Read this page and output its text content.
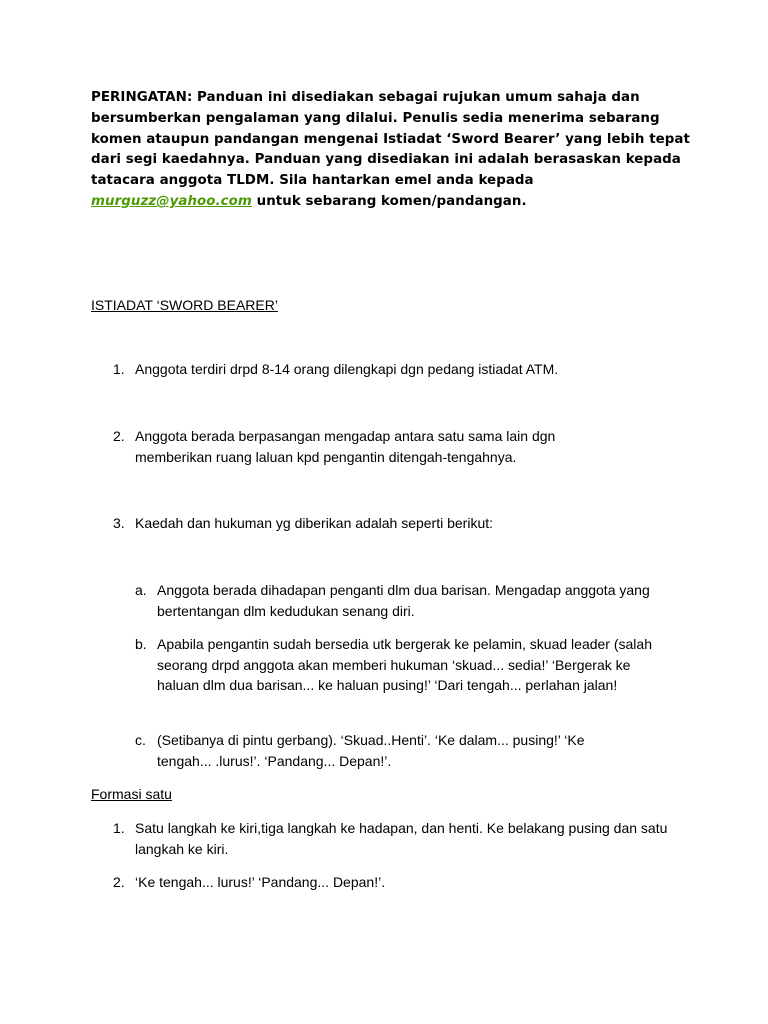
PERINGATAN: Panduan ini disediakan sebagai rujukan umum sahaja dan bersumberkan pengalaman yang dilalui. Penulis sedia menerima sebarang komen ataupun pandangan mengenai Istiadat ‘Sword Bearer’ yang lebih tepat dari segi kaedahnya. Panduan yang disediakan ini adalah berasaskan kepada tatacara anggota TLDM. Sila hantarkan emel anda kepada murguzz@yahoo.com untuk sebarang komen/pandangan.

ISTIADAT ‘SWORD BEARER’
1. Anggota terdiri drpd 8-14 orang dilengkapi dgn pedang istiadat ATM.
2. Anggota berada berpasangan mengadap antara satu sama lain dgn memberikan ruang laluan kpd pengantin ditengah-tengahnya.
3. Kaedah dan hukuman yg diberikan adalah seperti berikut:
a. Anggota berada dihadapan penganti dlm dua barisan. Mengadap anggota yang bertentangan dlm kedudukan senang diri.
b. Apabila pengantin sudah bersedia utk bergerak ke pelamin, skuad leader (salah seorang drpd anggota akan memberi hukuman ‘skuad... sedia!’ ‘Bergerak ke haluan dlm dua barisan... ke haluan pusing!’ ‘Dari tengah... perlahan jalan!
c. (Setibanya di pintu gerbang). ‘Skuad..Henti’. ‘Ke dalam... pusing!’ ‘Ke tengah... .lurus!’. ‘Pandang... Depan!’.
Formasi satu
1. Satu langkah ke kiri,tiga langkah ke hadapan, dan henti. Ke belakang pusing dan satu langkah ke kiri.
2. ‘Ke tengah... lurus!’ ‘Pandang... Depan!’.
